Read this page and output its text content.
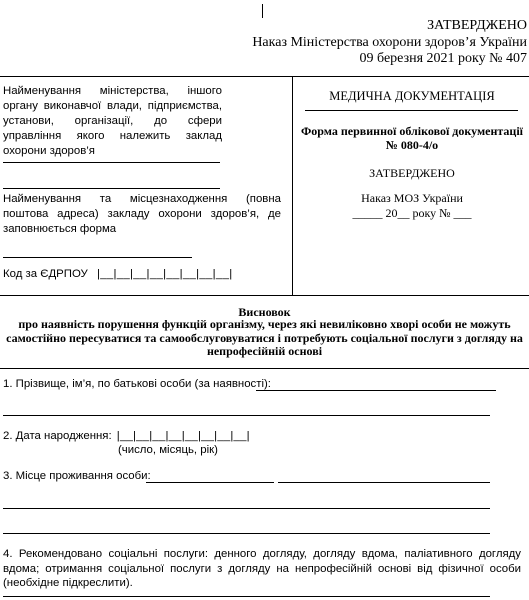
ЗАТВЕРДЖЕНО
Наказ Міністерства охорони здоров’я України
09 березня 2021 року № 407
Найменування міністерства, іншого органу виконавчої влади, підприємства, установи, організації, до сфери управління якого належить заклад охорони здоров’я
Найменування та місцезнаходження (повна поштова адреса) закладу охорони здоров’я, де заповнюється форма
Код за ЄДРПОУ |__|__|__|__|__|__|__|__|
МЕДИЧНА ДОКУМЕНТАЦІЯ
Форма первинної облікової документації
№ 080-4/о
ЗАТВЕРДЖЕНО
Наказ МОЗ України
_____ 20__ року № ___
Висновок
про наявність порушення функцій організму, через які невиліковно хворі особи не можуть самостійно пересуватися та самообслуговуватися і потребують соціальної послуги з догляду на непрофесійній основі
1. Прізвище, ім’я, по батькові особи (за наявності):
2. Дата народження: |__|__|__|__|__|__|__|__|
(число, місяць, рік)
3. Місце проживання особи:
4. Рекомендовано соціальні послуги: денного догляду, догляду вдома, паліативного догляду вдома; отримання соціальної послуги з догляду на непрофесійній основі від фізичної особи (необхідне підкреслити).
